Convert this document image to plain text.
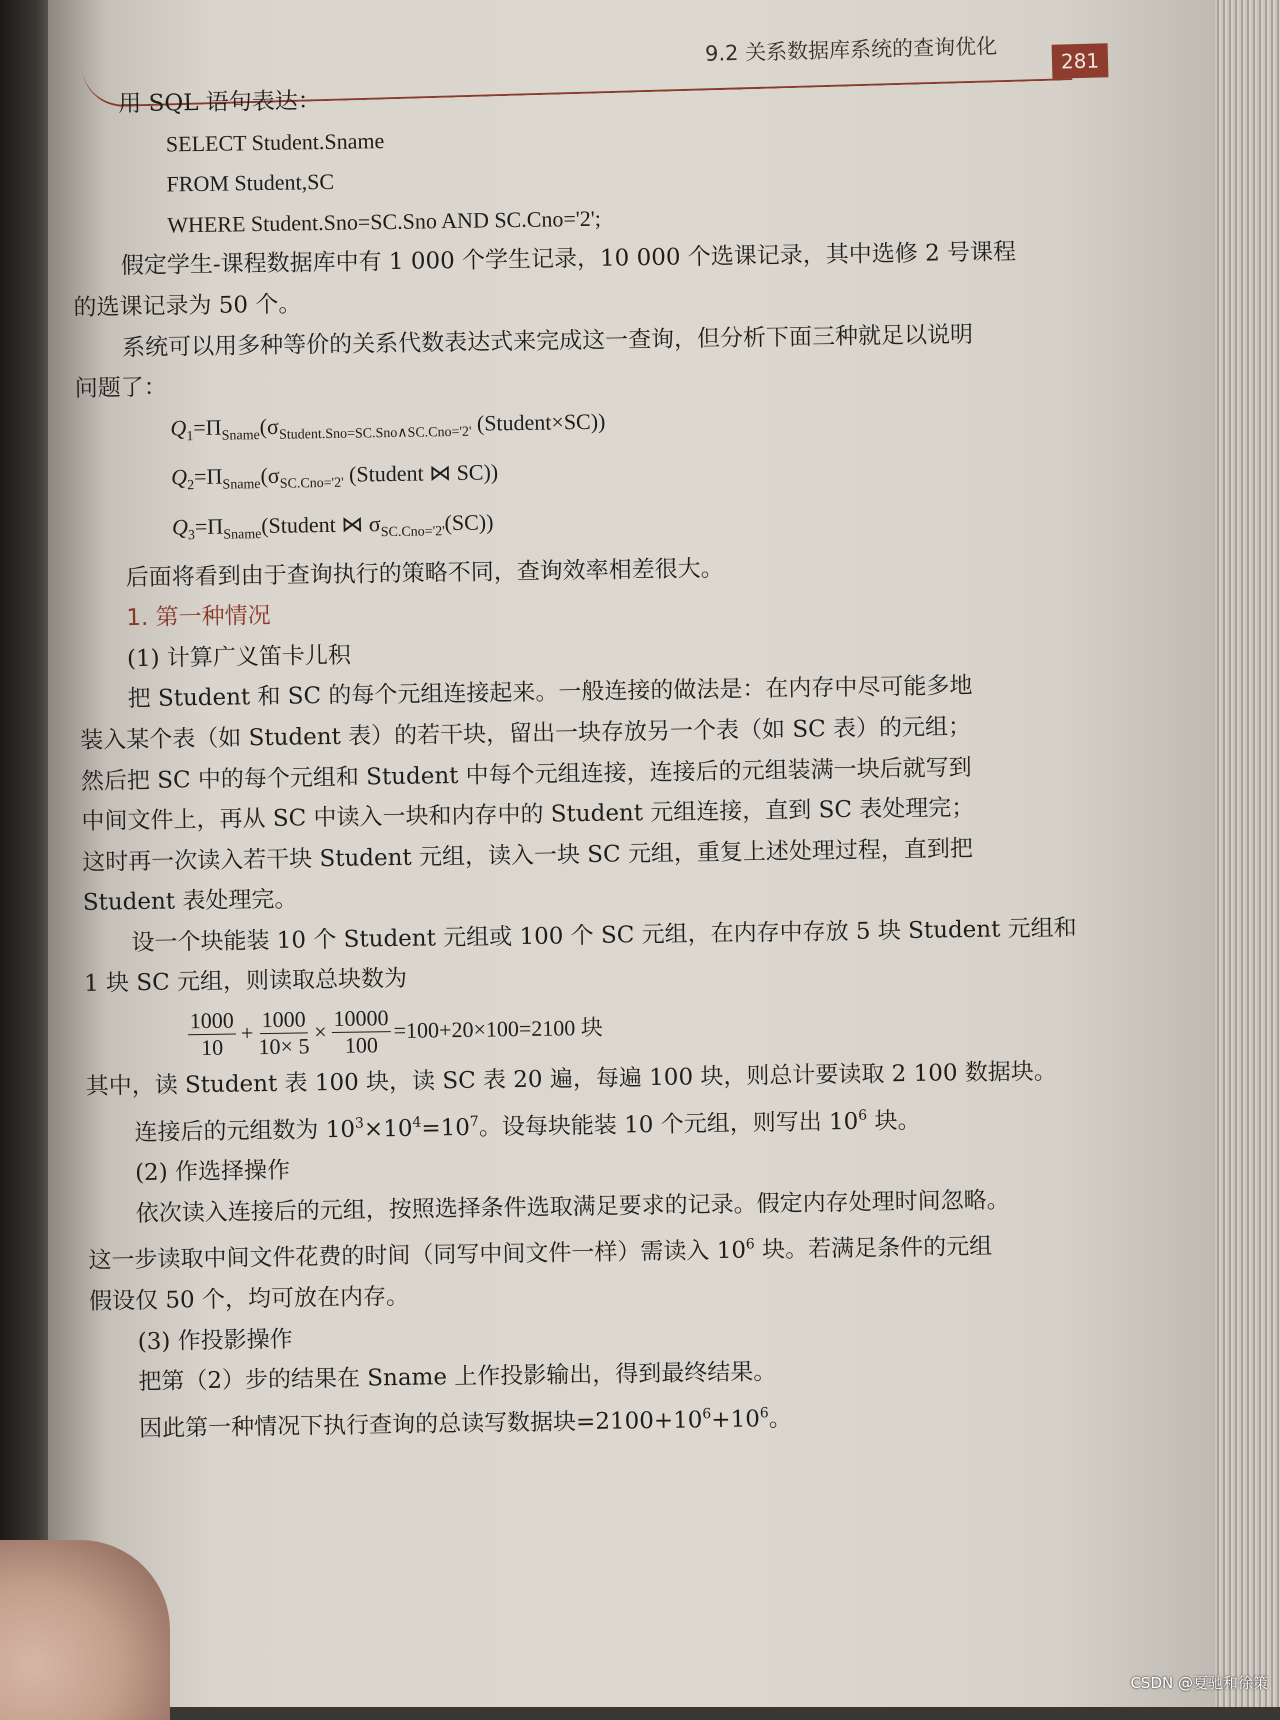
9.2 关系数据库系统的查询优化	281
用 SQL 语句表达：
SELECT Student.Sname
FROM Student,SC
WHERE Student.Sno=SC.Sno AND SC.Cno='2';
假定学生-课程数据库中有 1 000 个学生记录，10 000 个选课记录，其中选修 2 号课程
的选课记录为 50 个。
系统可以用多种等价的关系代数表达式来完成这一查询，但分析下面三种就足以说明
问题了：
$Q_1=\Pi_{Sname}(\sigma_{Student.Sno=SC.Sno\wedge SC.Cno='2'}$ (Student×SC))
$Q_2=\Pi_{Sname}(\sigma_{SC.Cno='2'}$ (Student ⋈ SC))
$Q_3=\Pi_{Sname}(Student$ ⋈ $\sigma_{SC.Cno='2'}(SC)$)
后面将看到由于查询执行的策略不同，查询效率相差很大。
1. 第一种情况
(1) 计算广义笛卡儿积
把 Student 和 SC 的每个元组连接起来。一般连接的做法是：在内存中尽可能多地
装入某个表（如 Student 表）的若干块，留出一块存放另一个表（如 SC 表）的元组；
然后把 SC 中的每个元组和 Student 中每个元组连接，连接后的元组装满一块后就写到
中间文件上，再从 SC 中读入一块和内存中的 Student 元组连接，直到 SC 表处理完；
这时再一次读入若干块 Student 元组，读入一块 SC 元组，重复上述处理过程，直到把
Student 表处理完。
设一个块能装 10 个 Student 元组或 100 个 SC 元组，在内存中存放 5 块 Student 元组和
1 块 SC 元组，则读取总块数为
$\frac{1000}{10} + \frac{1000}{10\times 5} \times \frac{10000}{100} =100+20\times 100=2100$ 块
其中，读 Student 表 100 块，读 SC 表 20 遍，每遍 100 块，则总计要读取 2 100 数据块。
连接后的元组数为 $10^3\times 10^4=10^7$。设每块能装 10 个元组，则写出 $10^6$ 块。
(2) 作选择操作
依次读入连接后的元组，按照选择条件选取满足要求的记录。假定内存处理时间忽略。
这一步读取中间文件花费的时间（同写中间文件一样）需读入 $10^6$ 块。若满足条件的元组
假设仅 50 个，均可放在内存。
(3) 作投影操作
把第（2）步的结果在 Sname 上作投影输出，得到最终结果。
因此第一种情况下执行查询的总读写数据块$=2100+10^6+10^6$。
CSDN @夏驰和徐策
